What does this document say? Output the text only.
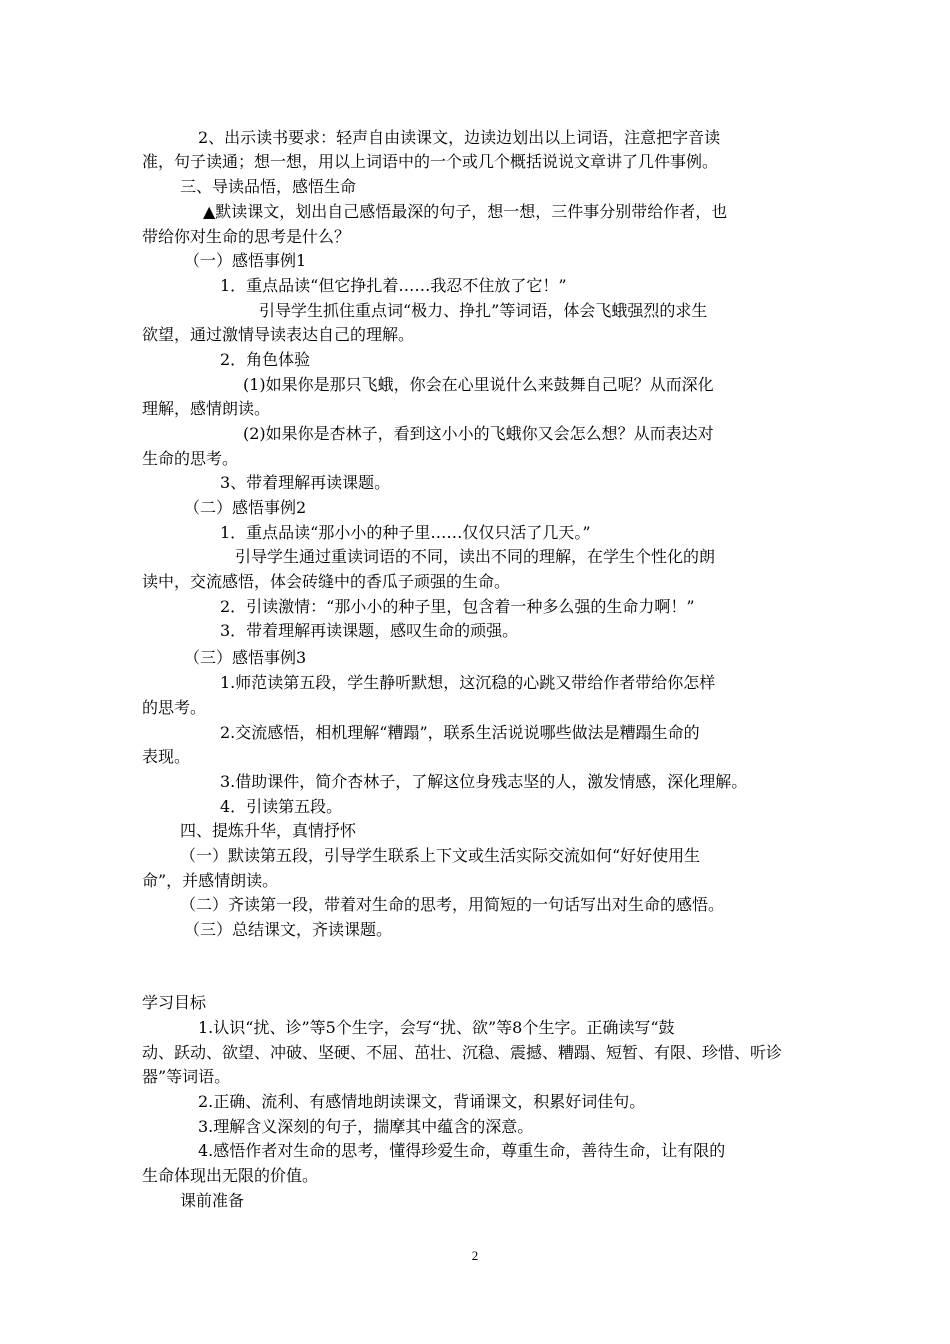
2、出示读书要求：轻声自由读课文，边读边划出以上词语，注意把字音读
准，句子读通；想一想，用以上词语中的一个或几个概括说说文章讲了几件事例。
三、导读品悟，感悟生命
▲默读课文，划出自己感悟最深的句子，想一想，三件事分别带给作者，也
带给你对生命的思考是什么？
（一）感悟事例1
1．重点品读“但它挣扎着……我忍不住放了它！”
引导学生抓住重点词“极力、挣扎”等词语，体会飞蛾强烈的求生
欲望，通过激情导读表达自己的理解。
2．角色体验
(1)如果你是那只飞蛾，你会在心里说什么来鼓舞自己呢？从而深化
理解，感情朗读。
(2)如果你是杏林子，看到这小小的飞蛾你又会怎么想？从而表达对
生命的思考。
3、带着理解再读课题。
（二）感悟事例2
1．重点品读“那小小的种子里……仅仅只活了几天。”
引导学生通过重读词语的不同，读出不同的理解，在学生个性化的朗
读中，交流感悟，体会砖缝中的香瓜子顽强的生命。
2．引读激情：“那小小的种子里，包含着一种多么强的生命力啊！”
3．带着理解再读课题，感叹生命的顽强。
（三）感悟事例3
1.师范读第五段，学生静听默想，这沉稳的心跳又带给作者带给你怎样
的思考。
2.交流感悟，相机理解“糟蹋”，联系生活说说哪些做法是糟蹋生命的
表现。
3.借助课件，简介杏林子，了解这位身残志坚的人，激发情感，深化理解。
4．引读第五段。
四、提炼升华，真情抒怀
（一）默读第五段，引导学生联系上下文或生活实际交流如何“好好使用生
命”，并感情朗读。
（二）齐读第一段，带着对生命的思考，用简短的一句话写出对生命的感悟。
（三）总结课文，齐读课题。
学习目标
1.认识“扰、诊”等5个生字，会写“扰、欲”等8个生字。正确读写“鼓
动、跃动、欲望、冲破、坚硬、不屈、茁壮、沉稳、震撼、糟蹋、短暂、有限、珍惜、听诊
器”等词语。
2.正确、流利、有感情地朗读课文，背诵课文，积累好词佳句。
3.理解含义深刻的句子，揣摩其中蕴含的深意。
4.感悟作者对生命的思考，懂得珍爱生命，尊重生命，善待生命，让有限的
生命体现出无限的价值。
课前准备
2
